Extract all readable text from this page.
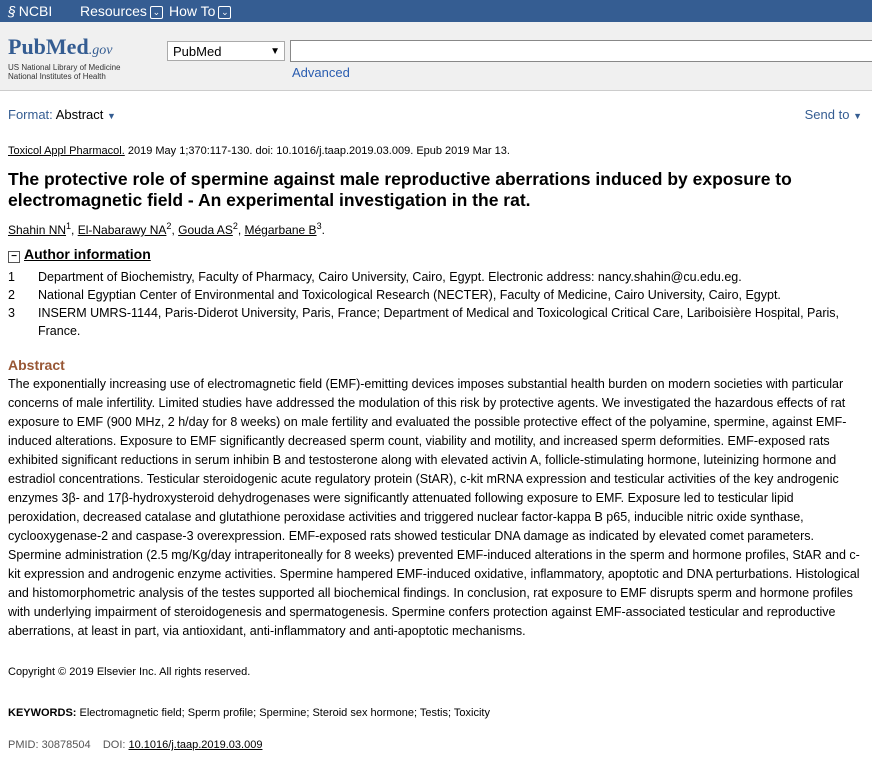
§ NCBI Resources ⌄ How To ⌄
PubMed.gov
US National Library of Medicine
National Institutes of Health
PubMed	▼
Advanced
Format: Abstract ▼	Send to ▼
Toxicol Appl Pharmacol. 2019 May 1;370:117-130. doi: 10.1016/j.taap.2019.03.009. Epub 2019 Mar 13.
The protective role of spermine against male reproductive aberrations induced by exposure to electromagnetic field - An experimental investigation in the rat.
Shahin $NN^1$, El-Nabarawy $NA^2$, Gouda $AS^2$, Mégarbane $B^3$.
− Author information
1	Department of Biochemistry, Faculty of Pharmacy, Cairo University, Cairo, Egypt. Electronic address: nancy.shahin@cu.edu.eg.
2	National Egyptian Center of Environmental and Toxicological Research (NECTER), Faculty of Medicine, Cairo University, Cairo, Egypt.
3	INSERM UMRS-1144, Paris-Diderot University, Paris, France; Department of Medical and Toxicological Critical Care, Lariboisière Hospital, Paris, France.
Abstract
The exponentially increasing use of electromagnetic field (EMF)-emitting devices imposes substantial health burden on modern societies with particular concerns of male infertility. Limited studies have addressed the modulation of this risk by protective agents. We investigated the hazardous effects of rat exposure to EMF (900 MHz, 2 h/day for 8 weeks) on male fertility and evaluated the possible protective effect of the polyamine, spermine, against EMF-induced alterations. Exposure to EMF significantly decreased sperm count, viability and motility, and increased sperm deformities. EMF-exposed rats exhibited significant reductions in serum inhibin B and testosterone along with elevated activin A, follicle-stimulating hormone, luteinizing hormone and estradiol concentrations. Testicular steroidogenic acute regulatory protein (StAR), c-kit mRNA expression and testicular activities of the key androgenic enzymes 3β- and 17β-hydroxysteroid dehydrogenases were significantly attenuated following exposure to EMF. Exposure led to testicular lipid peroxidation, decreased catalase and glutathione peroxidase activities and triggered nuclear factor-kappa B p65, inducible nitric oxide synthase, cyclooxygenase-2 and caspase-3 overexpression. EMF-exposed rats showed testicular DNA damage as indicated by elevated comet parameters. Spermine administration (2.5 mg/Kg/day intraperitoneally for 8 weeks) prevented EMF-induced alterations in the sperm and hormone profiles, StAR and c-kit expression and androgenic enzyme activities. Spermine hampered EMF-induced oxidative, inflammatory, apoptotic and DNA perturbations. Histological and histomorphometric analysis of the testes supported all biochemical findings. In conclusion, rat exposure to EMF disrupts sperm and hormone profiles with underlying impairment of steroidogenesis and spermatogenesis. Spermine confers protection against EMF-associated testicular and reproductive aberrations, at least in part, via antioxidant, anti-inflammatory and anti-apoptotic mechanisms.
Copyright © 2019 Elsevier Inc. All rights reserved.
KEYWORDS: Electromagnetic field; Sperm profile; Spermine; Steroid sex hormone; Testis; Toxicity
PMID: 30878504 DOI: 10.1016/j.taap.2019.03.009
